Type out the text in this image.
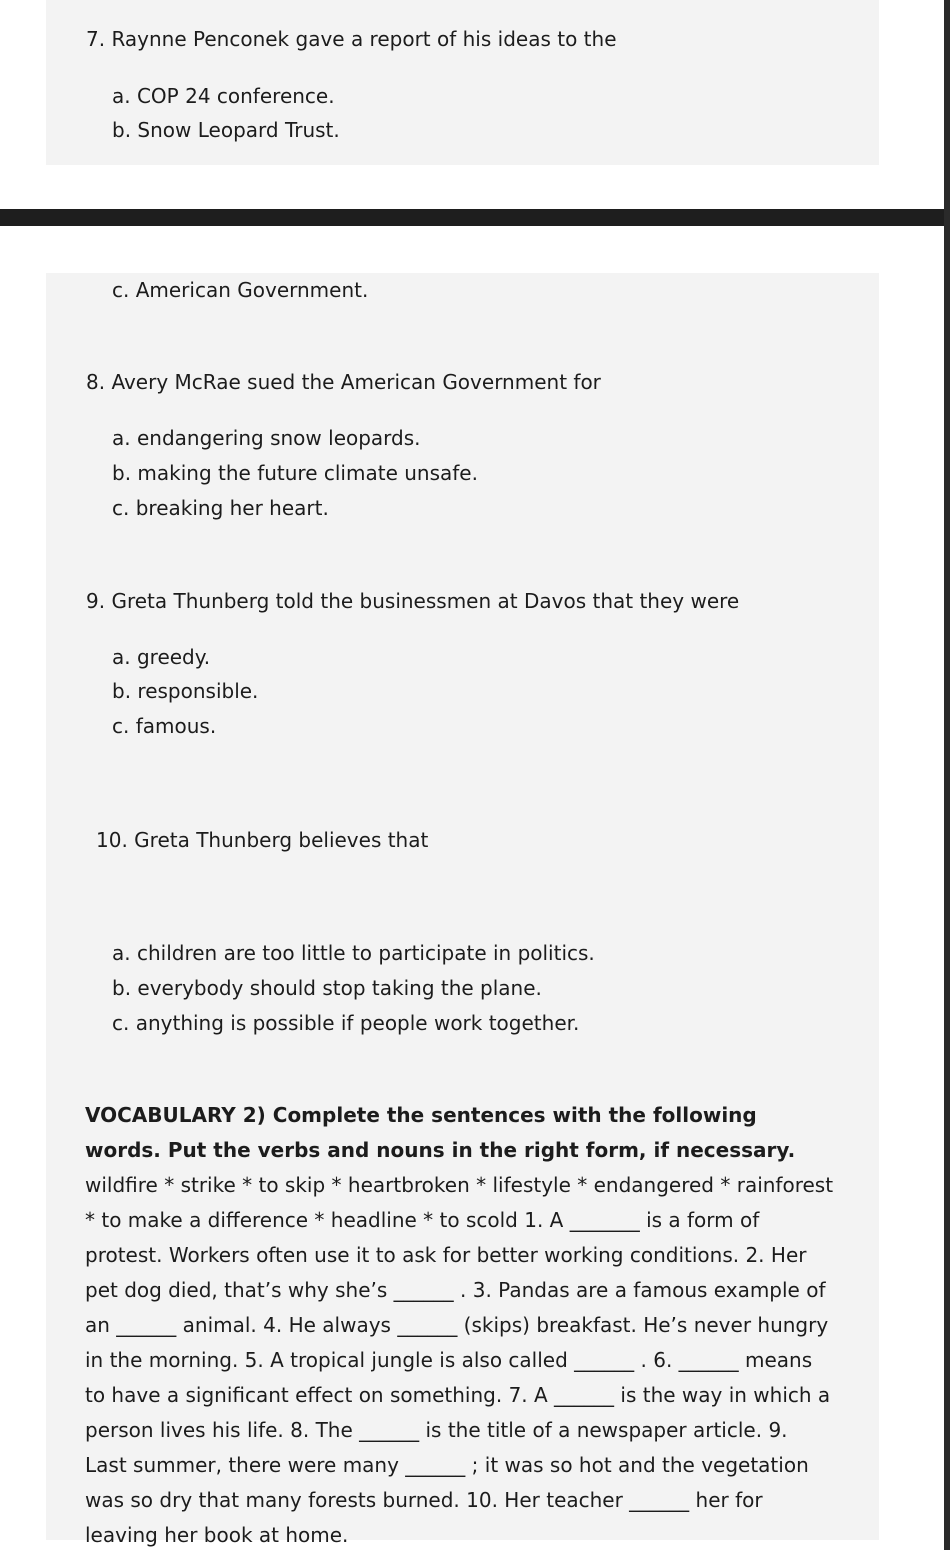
7. Raynne Penconek gave a report of his ideas to the
a. COP 24 conference.
b. Snow Leopard Trust.
c. American Government.
8. Avery McRae sued the American Government for
a. endangering snow leopards.
b. making the future climate unsafe.
c. breaking her heart.
9. Greta Thunberg told the businessmen at Davos that they were
a. greedy.
b. responsible.
c. famous.
10. Greta Thunberg believes that
a. children are too little to participate in politics.
b. everybody should stop taking the plane.
c. anything is possible if people work together.
VOCABULARY 2) Complete the sentences with the following words. Put the verbs and nouns in the right form, if necessary. wildfire * strike * to skip * heartbroken * lifestyle * endangered * rainforest * to make a difference * headline * to scold 1. A _______ is a form of protest. Workers often use it to ask for better working conditions. 2. Her pet dog died, that’s why she’s ______ . 3. Pandas are a famous example of an ______ animal. 4. He always ______ (skips) breakfast. He’s never hungry in the morning. 5. A tropical jungle is also called ______ . 6. ______ means to have a significant effect on something. 7. A ______ is the way in which a person lives his life. 8. The ______ is the title of a newspaper article. 9. Last summer, there were many ______ ; it was so hot and the vegetation was so dry that many forests burned. 10. Her teacher ______ her for leaving her book at home.
